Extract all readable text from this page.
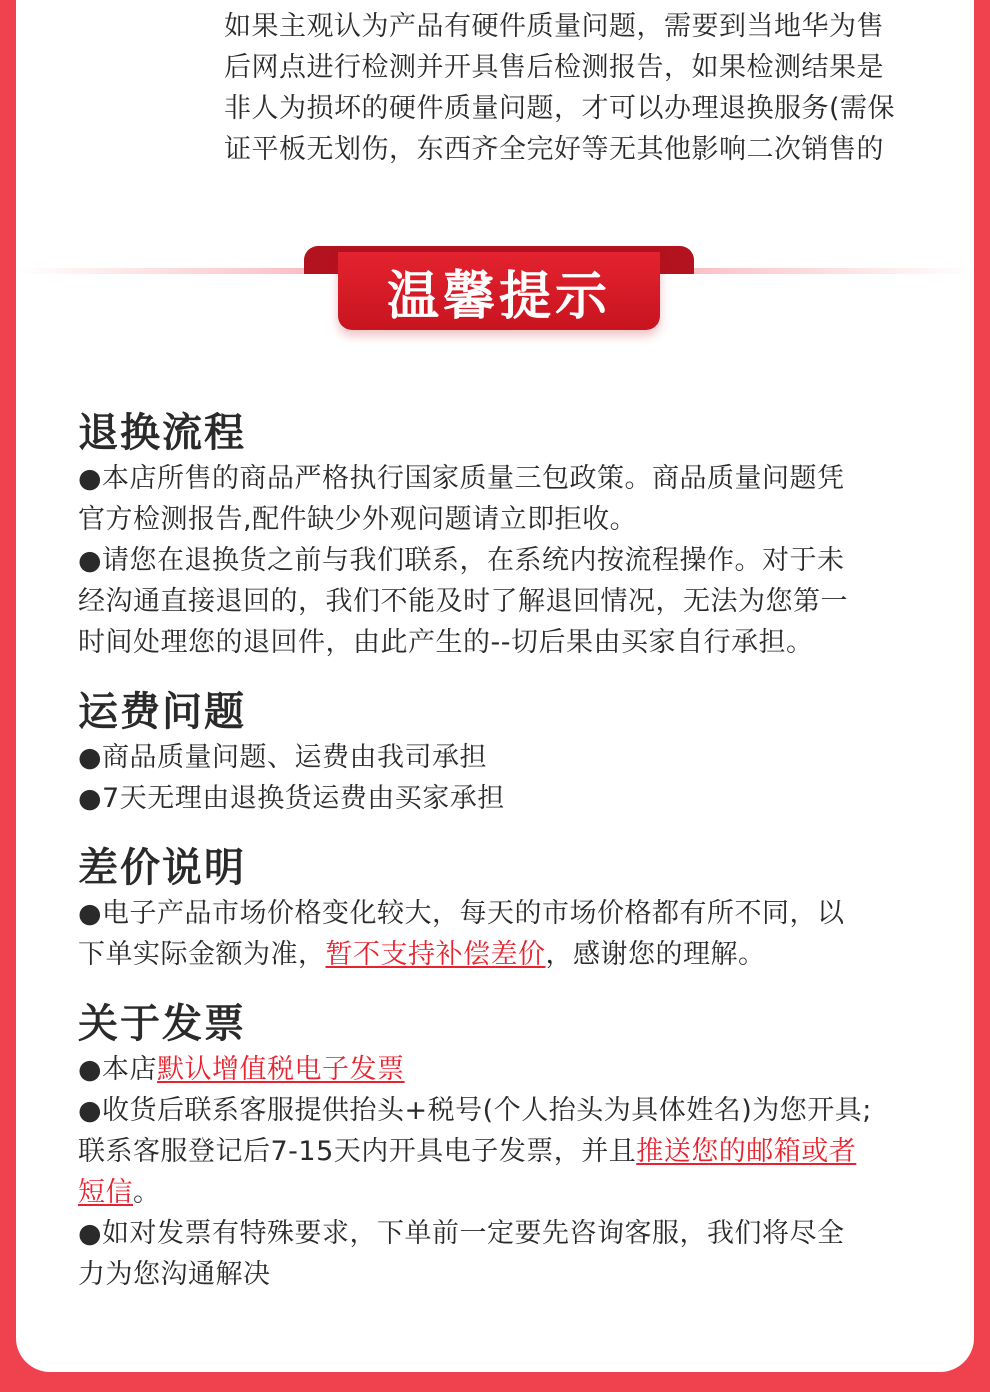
如果主观认为产品有硬件质量问题，需要到当地华为售
后网点进行检测并开具售后检测报告，如果检测结果是
非人为损坏的硬件质量问题，才可以办理退换服务(需保
证平板无划伤，东西齐全完好等无其他影响二次销售的
温馨提示
退换流程

●本店所售的商品严格执行国家质量三包政策。商品质量问题凭

官方检测报告,配件缺少外观问题请立即拒收。

●请您在退换货之前与我们联系，在系统内按流程操作。对于未

经沟通直接退回的，我们不能及时了解退回情况，无法为您第一

时间处理您的退回件，由此产生的--切后果由买家自行承担。

运费问题

●商品质量问题、运费由我司承担

●7天无理由退换货运费由买家承担

差价说明

●电子产品市场价格变化较大，每天的市场价格都有所不同，以

下单实际金额为准，暂不支持补偿差价，感谢您的理解。

关于发票

●本店默认增值税电子发票

●收货后联系客服提供抬头+税号(个人抬头为具体姓名)为您开具;

联系客服登记后7-15天内开具电子发票，并且推送您的邮箱或者

短信。

●如对发票有特殊要求，下单前一定要先咨询客服，我们将尽全

力为您沟通解决
